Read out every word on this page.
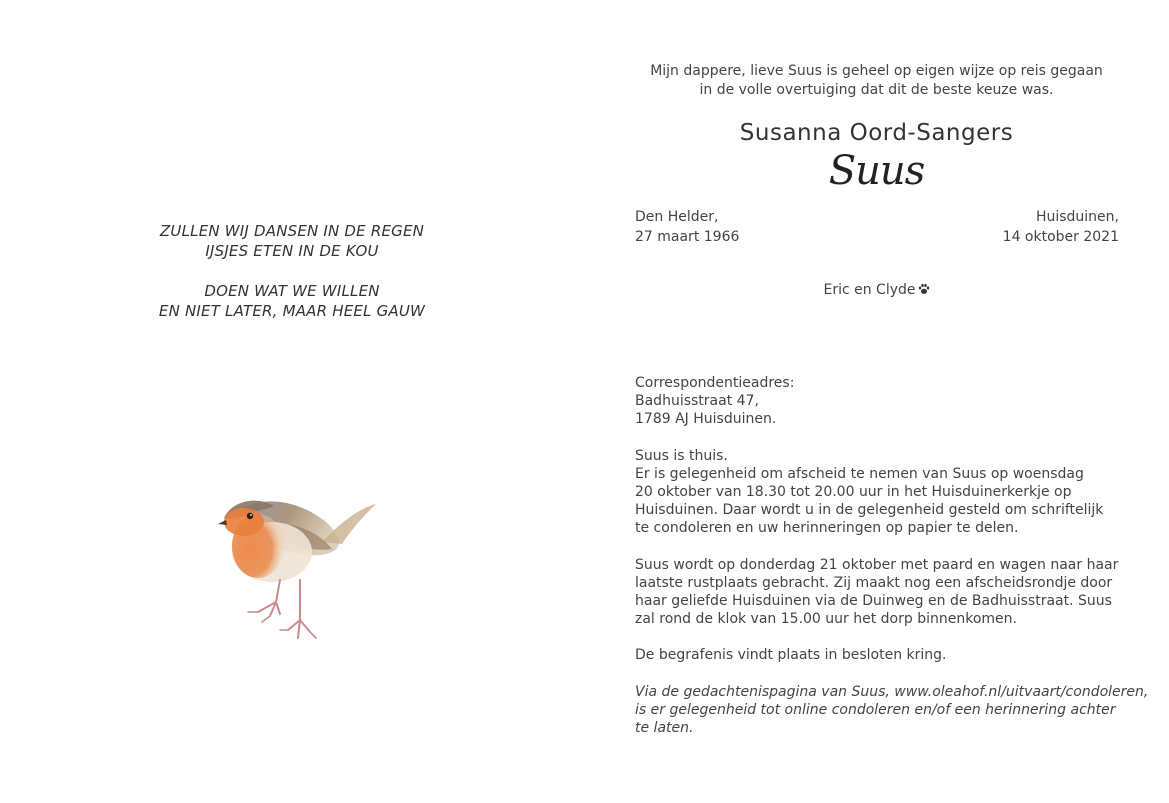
ZULLEN WIJ DANSEN IN DE REGEN
IJSJES ETEN IN DE KOU
DOEN WAT WE WILLEN
EN NIET LATER, MAAR HEEL GAUW
Mijn dappere, lieve Suus is geheel op eigen wijze op reis gegaan
in de volle overtuiging dat dit de beste keuze was.
Susanna Oord-Sangers
Suus
Den Helder,
27 maart 1966
Huisduinen,
14 oktober 2021
Eric en Clyde
Correspondentieadres:
Badhuisstraat 47,
1789 AJ Huisduinen.
Suus is thuis.
Er is gelegenheid om afscheid te nemen van Suus op woensdag
20 oktober van 18.30 tot 20.00 uur in het Huisduinerkerkje op
Huisduinen. Daar wordt u in de gelegenheid gesteld om schriftelijk
te condoleren en uw herinneringen op papier te delen.
Suus wordt op donderdag 21 oktober met paard en wagen naar haar
laatste rustplaats gebracht. Zij maakt nog een afscheidsrondje door
haar geliefde Huisduinen via de Duinweg en de Badhuisstraat. Suus
zal rond de klok van 15.00 uur het dorp binnenkomen.
De begrafenis vindt plaats in besloten kring.
Via de gedachtenispagina van Suus, www.oleahof.nl/uitvaart/condoleren,
is er gelegenheid tot online condoleren en/of een herinnering achter
te laten.
